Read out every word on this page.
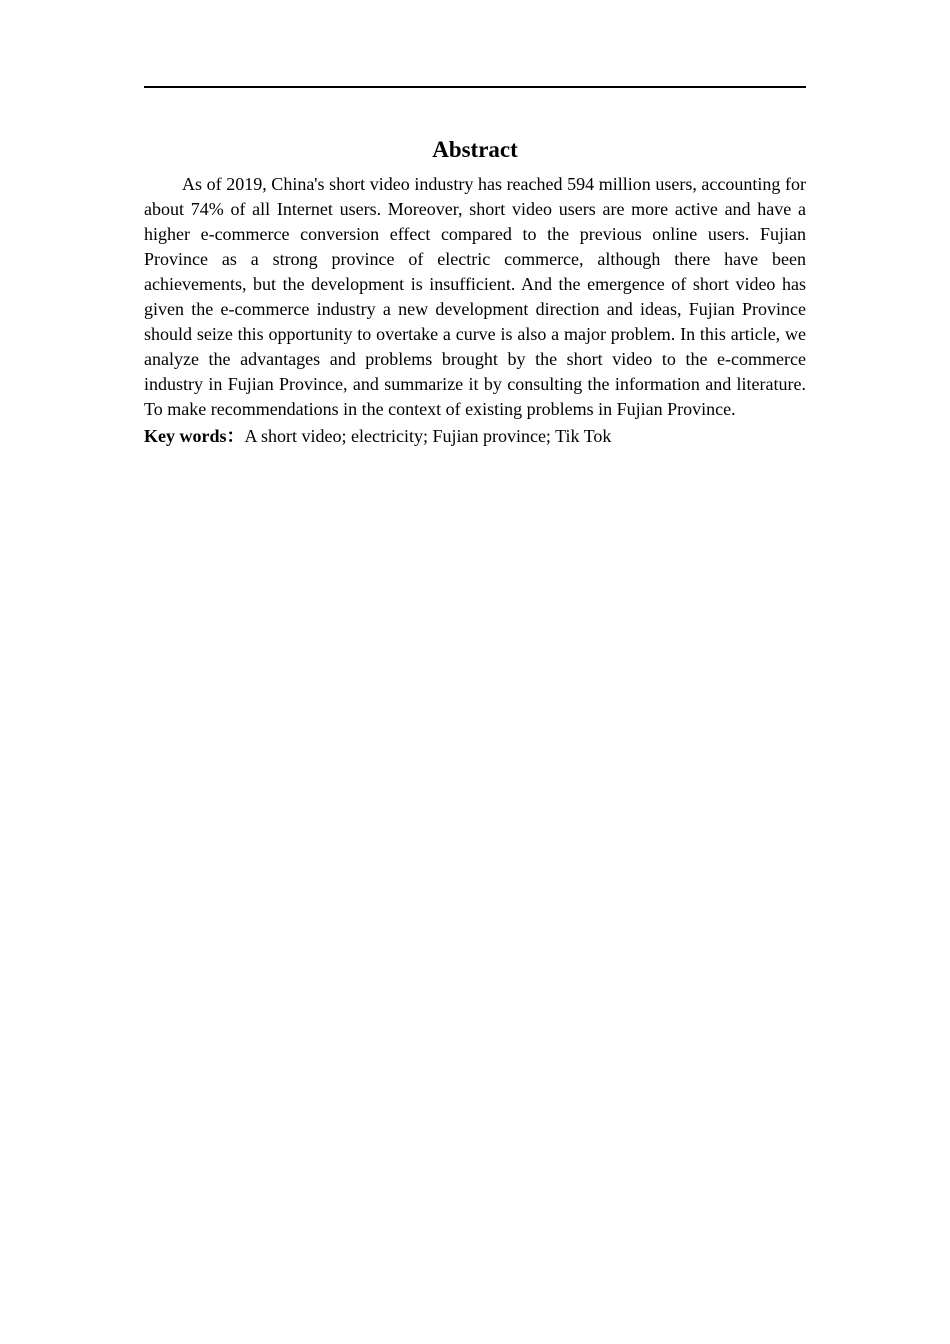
Abstract

As of 2019, China's short video industry has reached 594 million users, accounting for about 74% of all Internet users. Moreover, short video users are more active and have a higher e-commerce conversion effect compared to the previous online users. Fujian Province as a strong province of electric commerce, although there have been achievements, but the development is insufficient. And the emergence of short video has given the e-commerce industry a new development direction and ideas, Fujian Province should seize this opportunity to overtake a curve is also a major problem. In this article, we analyze the advantages and problems brought by the short video to the e-commerce industry in Fujian Province, and summarize it by consulting the information and literature. To make recommendations in the context of existing problems in Fujian Province.

Key words：A short video; electricity; Fujian province; Tik Tok
